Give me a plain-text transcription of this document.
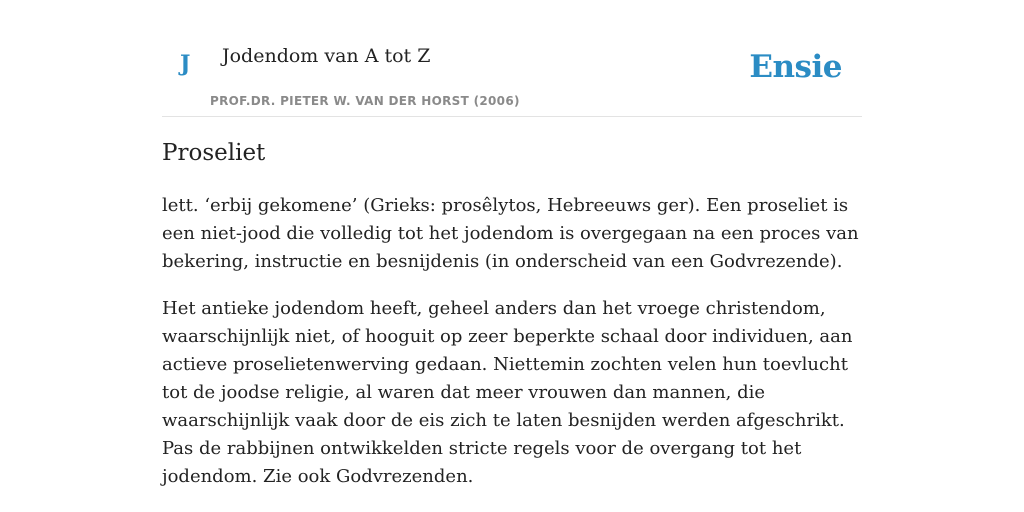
J Jodendom van A tot Z
PROF.DR. PIETER W. VAN DER HORST (2006)
Ensie
Proseliet

lett. ‘erbij gekomene’ (Grieks: prosêlytos, Hebreeuws ger). Een proseliet is een niet-jood die volledig tot het jodendom is overgegaan na een proces van bekering, instructie en besnijdenis (in onderscheid van een Godvrezende).

Het antieke jodendom heeft, geheel anders dan het vroege christendom, waarschijnlijk niet, of hooguit op zeer beperkte schaal door individuen, aan actieve proselietenwerving gedaan. Niettemin zochten velen hun toevlucht tot de joodse religie, al waren dat meer vrouwen dan mannen, die waarschijnlijk vaak door de eis zich te laten besnijden werden afgeschrikt. Pas de rabbijnen ontwikkelden stricte regels voor de overgang tot het jodendom. Zie ook Godvrezenden.
